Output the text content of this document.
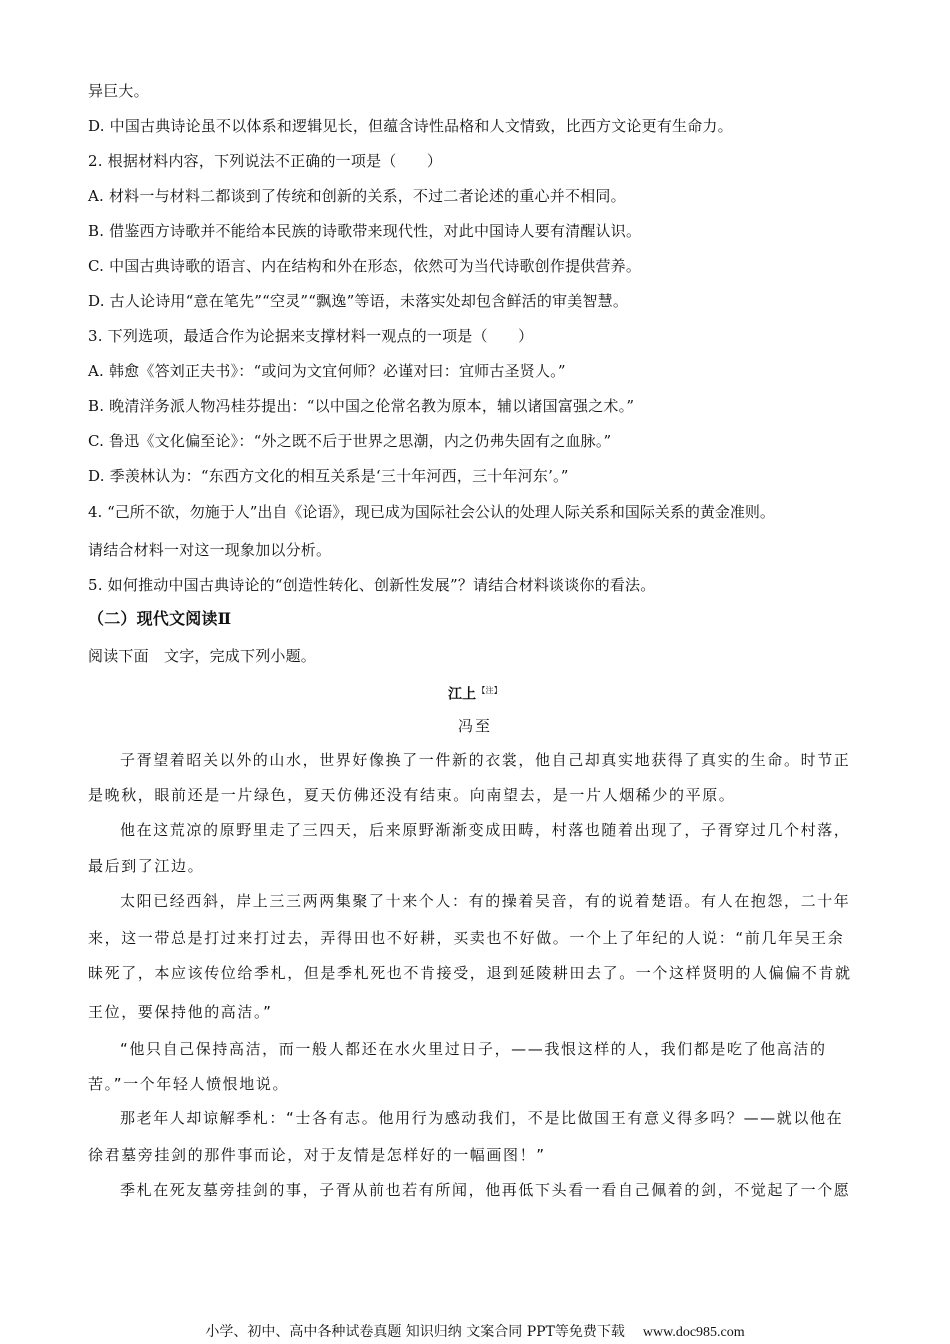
异巨大。
D. 中国古典诗论虽不以体系和逻辑见长，但蕴含诗性品格和人文情致，比西方文论更有生命力。
2. 根据材料内容，下列说法不正确的一项是（　　）
A. 材料一与材料二都谈到了传统和创新的关系，不过二者论述的重心并不相同。
B. 借鉴西方诗歌并不能给本民族的诗歌带来现代性，对此中国诗人要有清醒认识。
C. 中国古典诗歌的语言、内在结构和外在形态，依然可为当代诗歌创作提供营养。
D. 古人论诗用“意在笔先”“空灵”“飘逸”等语，未落实处却包含鲜活的审美智慧。
3. 下列选项，最适合作为论据来支撑材料一观点的一项是（　　）
A. 韩愈《答刘正夫书》：“或问为文宜何师？必谨对曰：宜师古圣贤人。”
B. 晚清洋务派人物冯桂芬提出：“以中国之伦常名教为原本，辅以诸国富强之术。”
C. 鲁迅《文化偏至论》：“外之既不后于世界之思潮，内之仍弗失固有之血脉。”
D. 季羡林认为：“东西方文化的相互关系是‘三十年河西，三十年河东’。”
4. “己所不欲，勿施于人”出自《论语》，现已成为国际社会公认的处理人际关系和国际关系的黄金准则。
请结合材料一对这一现象加以分析。
5. 如何推动中国古典诗论的“创造性转化、创新性发展”？请结合材料谈谈你的看法。
（二）现代文阅读Ⅱ
阅读下面　文字，完成下列小题。
江上$^{【注】}$
冯至
子胥望着昭关以外的山水，世界好像换了一件新的衣裳，他自己却真实地获得了真实的生命。时节正
是晚秋，眼前还是一片绿色，夏天仿佛还没有结束。向南望去，是一片人烟稀少的平原。
他在这荒凉的原野里走了三四天，后来原野渐渐变成田畴，村落也随着出现了，子胥穿过几个村落，
最后到了江边。
太阳已经西斜，岸上三三两两集聚了十来个人：有的操着吴音，有的说着楚语。有人在抱怨，二十年
来，这一带总是打过来打过去，弄得田也不好耕，买卖也不好做。一个上了年纪的人说：“前几年吴王余
昧死了，本应该传位给季札，但是季札死也不肯接受，退到延陵耕田去了。一个这样贤明的人偏偏不肯就
王位，要保持他的高洁。”
“他只自己保持高洁，而一般人都还在水火里过日子，——我恨这样的人，我们都是吃了他高洁的
苦。”一个年轻人愤恨地说。
那老年人却谅解季札：“士各有志。他用行为感动我们，不是比做国王有意义得多吗？——就以他在
徐君墓旁挂剑的那件事而论，对于友情是怎样好的一幅画图！”
季札在死友墓旁挂剑的事，子胥从前也若有所闻，他再低下头看一看自己佩着的剑，不觉起了一个愿
小学、初中、高中各种试卷真题 知识归纳 文案合同 PPT等免费下载 www.doc985.com
